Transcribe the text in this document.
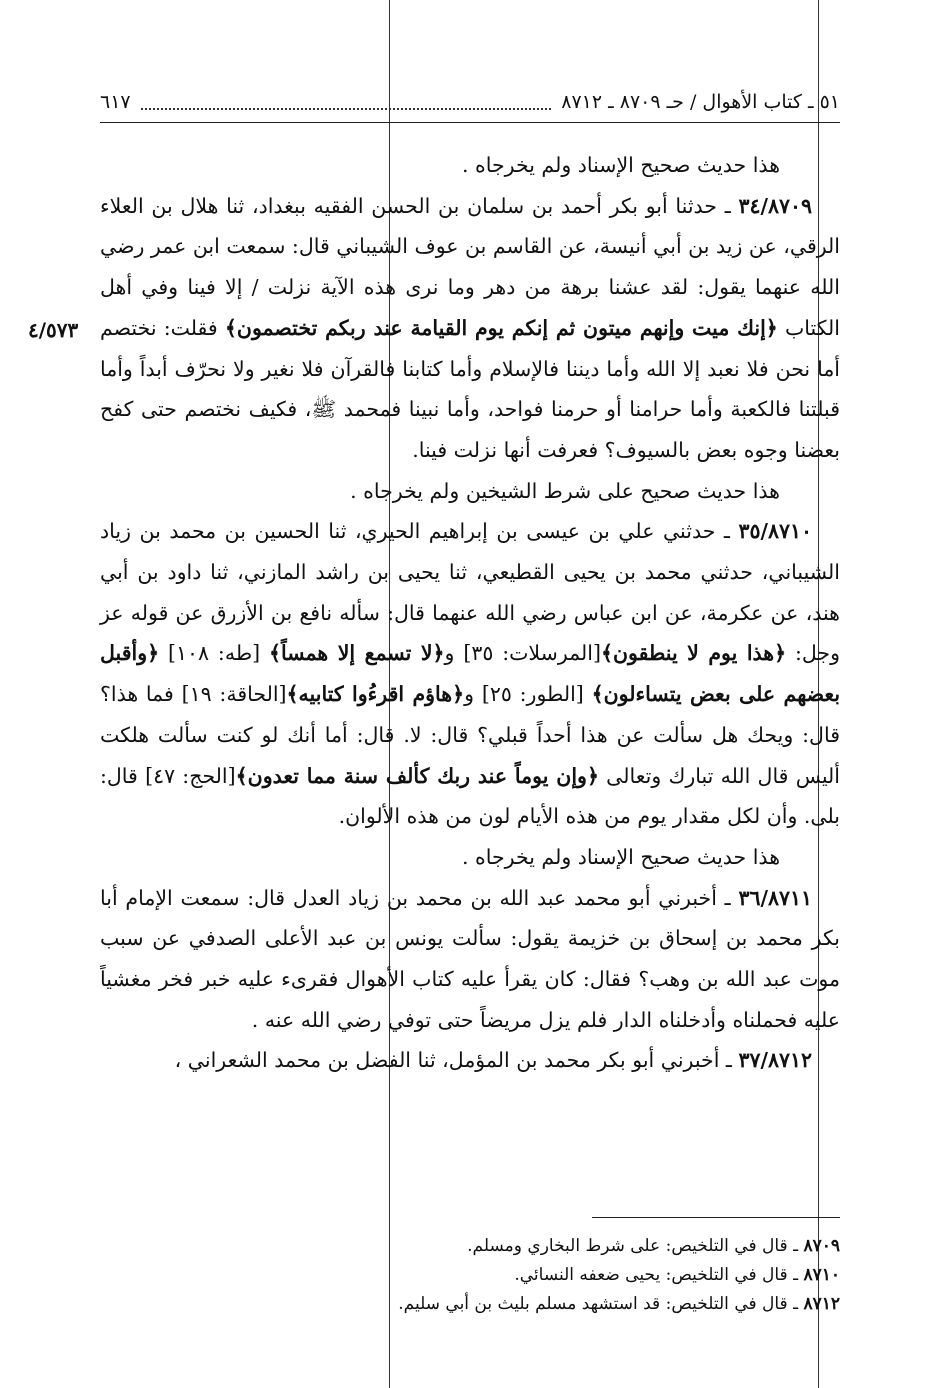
٥١ ـ كتاب الأهوال / حـ ٨٧٠٩ ـ ٨٧١٢
٦١٧
٤/٥٧٣

هذا حديث صحيح الإسناد ولم يخرجاه .

٣٤/٨٧٠٩ ـ حدثنا أبو بكر أحمد بن سلمان بن الحسن الفقيه ببغداد، ثنا هلال بن العلاء الرقي، عن زيد بن أبي أنيسة، عن القاسم بن عوف الشيباني قال: سمعت ابن عمر رضي الله عنهما يقول: لقد عشنا برهة من دهر وما نرى هذه الآية نزلت / إلا فينا وفي أهل الكتاب ﴿إنك ميت وإنهم ميتون ثم إنكم يوم القيامة عند ربكم تختصمون﴾ فقلت: نختصم أما نحن فلا نعبد إلا الله وأما ديننا فالإسلام وأما كتابنا فالقرآن فلا نغير ولا نحرّف أبداً وأما قبلتنا فالكعبة وأما حرامنا أو حرمنا فواحد، وأما نبينا فمحمد ﷺ، فكيف نختصم حتى كفح بعضنا وجوه بعض بالسيوف؟ فعرفت أنها نزلت فينا.

هذا حديث صحيح على شرط الشيخين ولم يخرجاه .

٣٥/٨٧١٠ ـ حدثني علي بن عيسى بن إبراهيم الحيري، ثنا الحسين بن محمد بن زياد الشيباني، حدثني محمد بن يحيى القطيعي، ثنا يحيى بن راشد المازني، ثنا داود بن أبي هند، عن عكرمة، عن ابن عباس رضي الله عنهما قال: سأله نافع بن الأزرق عن قوله عز وجل: ﴿هذا يوم لا ينطقون﴾[المرسلات: ٣٥] و﴿لا تسمع إلا همساً﴾ [طه: ١٠٨] ﴿وأقبل بعضهم على بعض يتساءلون﴾ [الطور: ٢٥] و﴿هاؤم اقرءُوا كتابيه﴾[الحاقة: ١٩] فما هذا؟ قال: ويحك هل سألت عن هذا أحداً قبلي؟ قال: لا. قال: أما أنك لو كنت سألت هلكت أليس قال الله تبارك وتعالى ﴿وإن يوماً عند ربك كألف سنة مما تعدون﴾[الحج: ٤٧] قال: بلى. وأن لكل مقدار يوم من هذه الأيام لون من هذه الألوان.

هذا حديث صحيح الإسناد ولم يخرجاه .

٣٦/٨٧١١ ـ أخبرني أبو محمد عبد الله بن محمد بن زياد العدل قال: سمعت الإمام أبا بكر محمد بن إسحاق بن خزيمة يقول: سألت يونس بن عبد الأعلى الصدفي عن سبب موت عبد الله بن وهب؟ فقال: كان يقرأ عليه كتاب الأهوال فقرىء عليه خبر فخر مغشياً عليه فحملناه وأدخلناه الدار فلم يزل مريضاً حتى توفي رضي الله عنه .

٣٧/٨٧١٢ ـ أخبرني أبو بكر محمد بن المؤمل، ثنا الفضل بن محمد الشعراني ،

٨٧٠٩ ـ قال في التلخيص: على شرط البخاري ومسلم.
٨٧١٠ ـ قال في التلخيص: يحيى ضعفه النسائي.
٨٧١٢ ـ قال في التلخيص: قد استشهد مسلم بليث بن أبي سليم.
